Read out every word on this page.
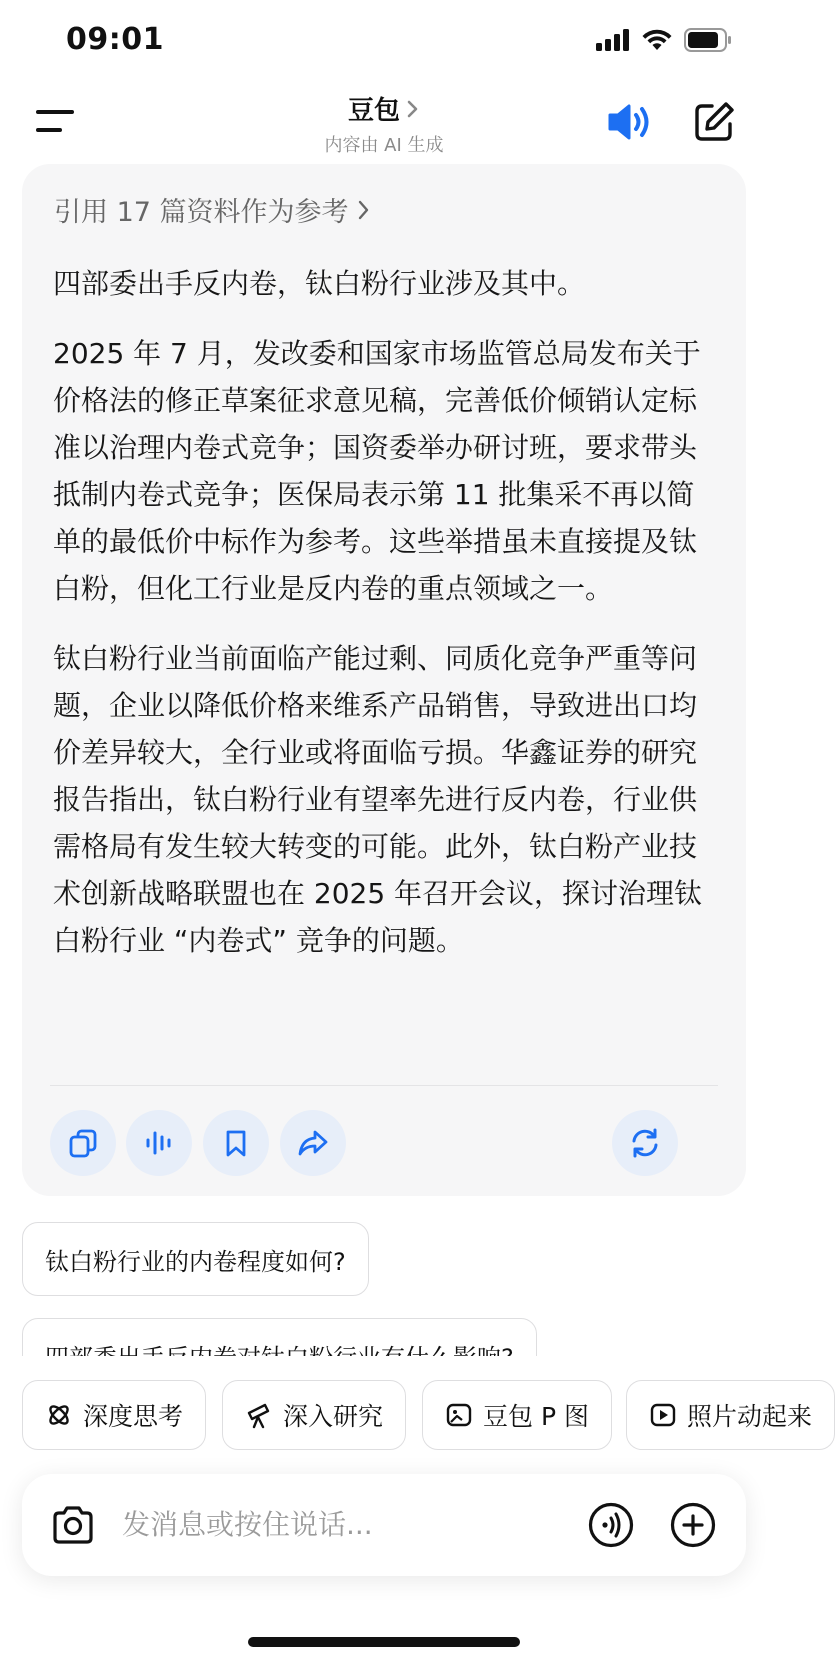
09:01
豆包
内容由 AI 生成
引用 17 篇资料作为参考

四部委出手反内卷，钛白粉行业涉及其中。

2025 年 7 月，发改委和国家市场监管总局发布关于价格法的修正草案征求意见稿，完善低价倾销认定标准以治理内卷式竞争；国资委举办研讨班，要求带头抵制内卷式竞争；医保局表示第 11 批集采不再以简单的最低价中标作为参考。这些举措虽未直接提及钛白粉，但化工行业是反内卷的重点领域之一。

钛白粉行业当前面临产能过剩、同质化竞争严重等问题，企业以降低价格来维系产品销售，导致进出口均价差异较大，全行业或将面临亏损。华鑫证券的研究报告指出，钛白粉行业有望率先进行反内卷，行业供需格局有发生较大转变的可能。此外，钛白粉产业技术创新战略联盟也在 2025 年召开会议，探讨治理钛白粉行业 “内卷式” 竞争的问题。

钛白粉行业的内卷程度如何?
深度思考	深入研究	豆包 P 图	照片动起来
发消息或按住说话...
